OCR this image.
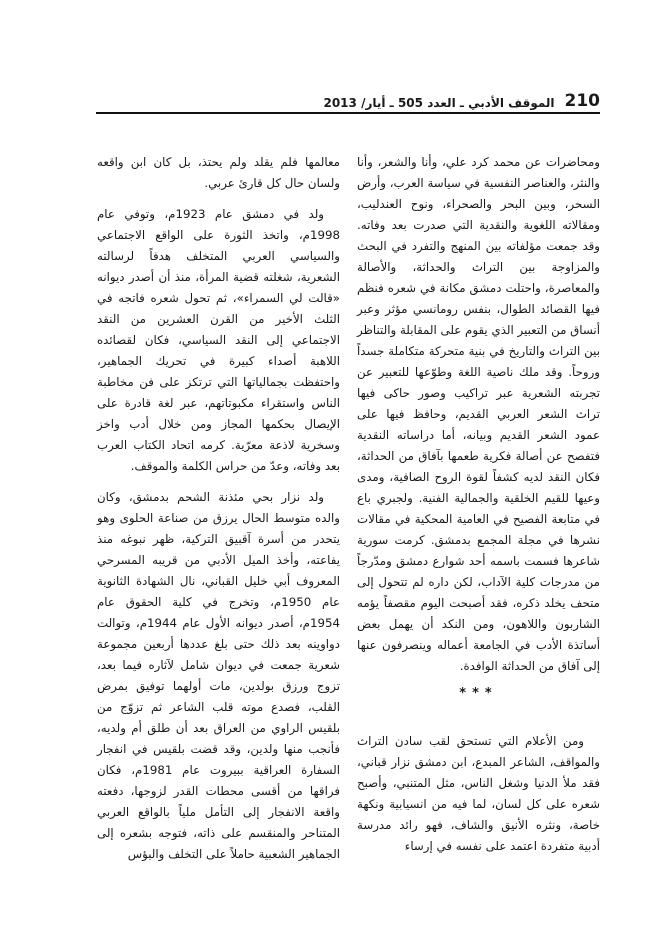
210
الموقف الأدبي ـ العدد 505 ـ أيار/ 2013

ومحاضرات عن محمد كرد علي، وأنا والشعر، وأنا والنثر، والعناصر النفسية في سياسة العرب، وأرض السحر، وبين البحر والصحراء، ونوح العندليب، ومقالاته اللغوية والنقدية التي صدرت بعد وفاته. وقد جمعت مؤلفاته بين المنهج والتفرد في البحث والمزاوجة بين التراث والحداثة، والأصالة والمعاصرة، واحتلت دمشق مكانة في شعره فنظم فيها القصائد الطوال، بنفس رومانسي مؤثر وعبر أنساق من التعبير الذي يقوم على المقابلة والتناظر بين التراث والتاريخ في بنية متحركة متكاملة جسداً وروحاً. وقد ملك ناصية اللغة وطوّعها للتعبير عن تجربته الشعرية عبر تراكيب وصور حاكى فيها تراث الشعر العربي القديم، وحافظ فيها على عمود الشعر القديم وبيانه، أما دراساته النقدية فتفصح عن أصالة فكرية طعمها بآفاق من الحداثة، فكان النقد لديه كشفاً لقوة الروح الصافية، ومدى وعيها للقيم الخلقية والجمالية الفنية. ولجبري باع في متابعة الفصيح في العامية المحكية في مقالات نشرها في مجلة المجمع بدمشق. كرمت سورية شاعرها فسمت باسمه أحد شوارع دمشق ومدّرجاً من مدرجات كلية الآداب، لكن داره لم تتحول إلى متحف يخلد ذكره، فقد أصبحت اليوم مقصفاً يؤمه الشاربون واللاهون، ومن النكد أن يهمل بعض أساتذة الأدب في الجامعة أعماله وينصرفون عنها إلى آفاق من الحداثة الوافدة.

***

ومن الأعلام التي تستحق لقب سادن التراث والمواقف، الشاعر المبدع، ابن دمشق نزار قباني، فقد ملأ الدنيا وشغل الناس، مثل المتنبي، وأصبح شعره على كل لسان، لما فيه من انسيابية ونكهة خاصة، ونثره الأنيق والشاف، فهو رائد مدرسة أدبية متفردة اعتمد على نفسه في إرساء

معالمها فلم يقلد ولم يحتذ، بل كان ابن واقعه ولسان حال كل قارئ عربي.

ولد في دمشق عام 1923م، وتوفي عام 1998م، واتخذ الثورة على الواقع الاجتماعي والسياسي العربي المتخلف هدفاً لرسالته الشعرية، شغلته قضية المرأة، منذ أن أصدر ديوانه «قالت لي السمراء»، ثم تحول شعره فاتجه في الثلث الأخير من القرن العشرين من النقد الاجتماعي إلى النقد السياسي، فكان لقصائده اللاهبة أصداء كبيرة في تحريك الجماهير، واحتفظت بجمالياتها التي ترتكز على فن مخاطبة الناس واستقراء مكبوتاتهم، عبر لغة قادرة على الإيصال بحكمها المجاز ومن خلال أدب واخز وسخرية لاذعة معرّية. كرمه اتحاد الكتاب العرب بعد وفاته، وعدّ من حراس الكلمة والموقف.

ولد نزار بحي مئذنة الشحم بدمشق، وكان والده متوسط الحال يرزق من صناعة الحلوى وهو يتحدر من أسرة آقبيق التركية، ظهر نبوغه منذ يفاعته، وأخذ الميل الأدبي من قريبه المسرحي المعروف أبي خليل القباني، نال الشهادة الثانوية عام 1950م، وتخرج في كلية الحقوق عام 1954م، أصدر ديوانه الأول عام 1944م، وتوالت دواوينه بعد ذلك حتى بلغ عددها أربعين مجموعة شعرية جمعت في ديوان شامل لآثاره فيما بعد، تزوج ورزق بولدين، مات أولهما توفيق بمرض القلب، فصدع موته قلب الشاعر ثم تزوّج من بلقيس الراوي من العراق بعد أن طلق أم ولديه، فأنجب منها ولدين، وقد قضت بلقيس في انفجار السفارة العراقية ببيروت عام 1981م، فكان فراقها من أقسى محطات القدر لزوجها، دفعته واقعة الانفجار إلى التأمل ملياً بالواقع العربي المتناحر والمنقسم على ذاته، فتوجه بشعره إلى الجماهير الشعبية حاملاً على التخلف والبؤس
